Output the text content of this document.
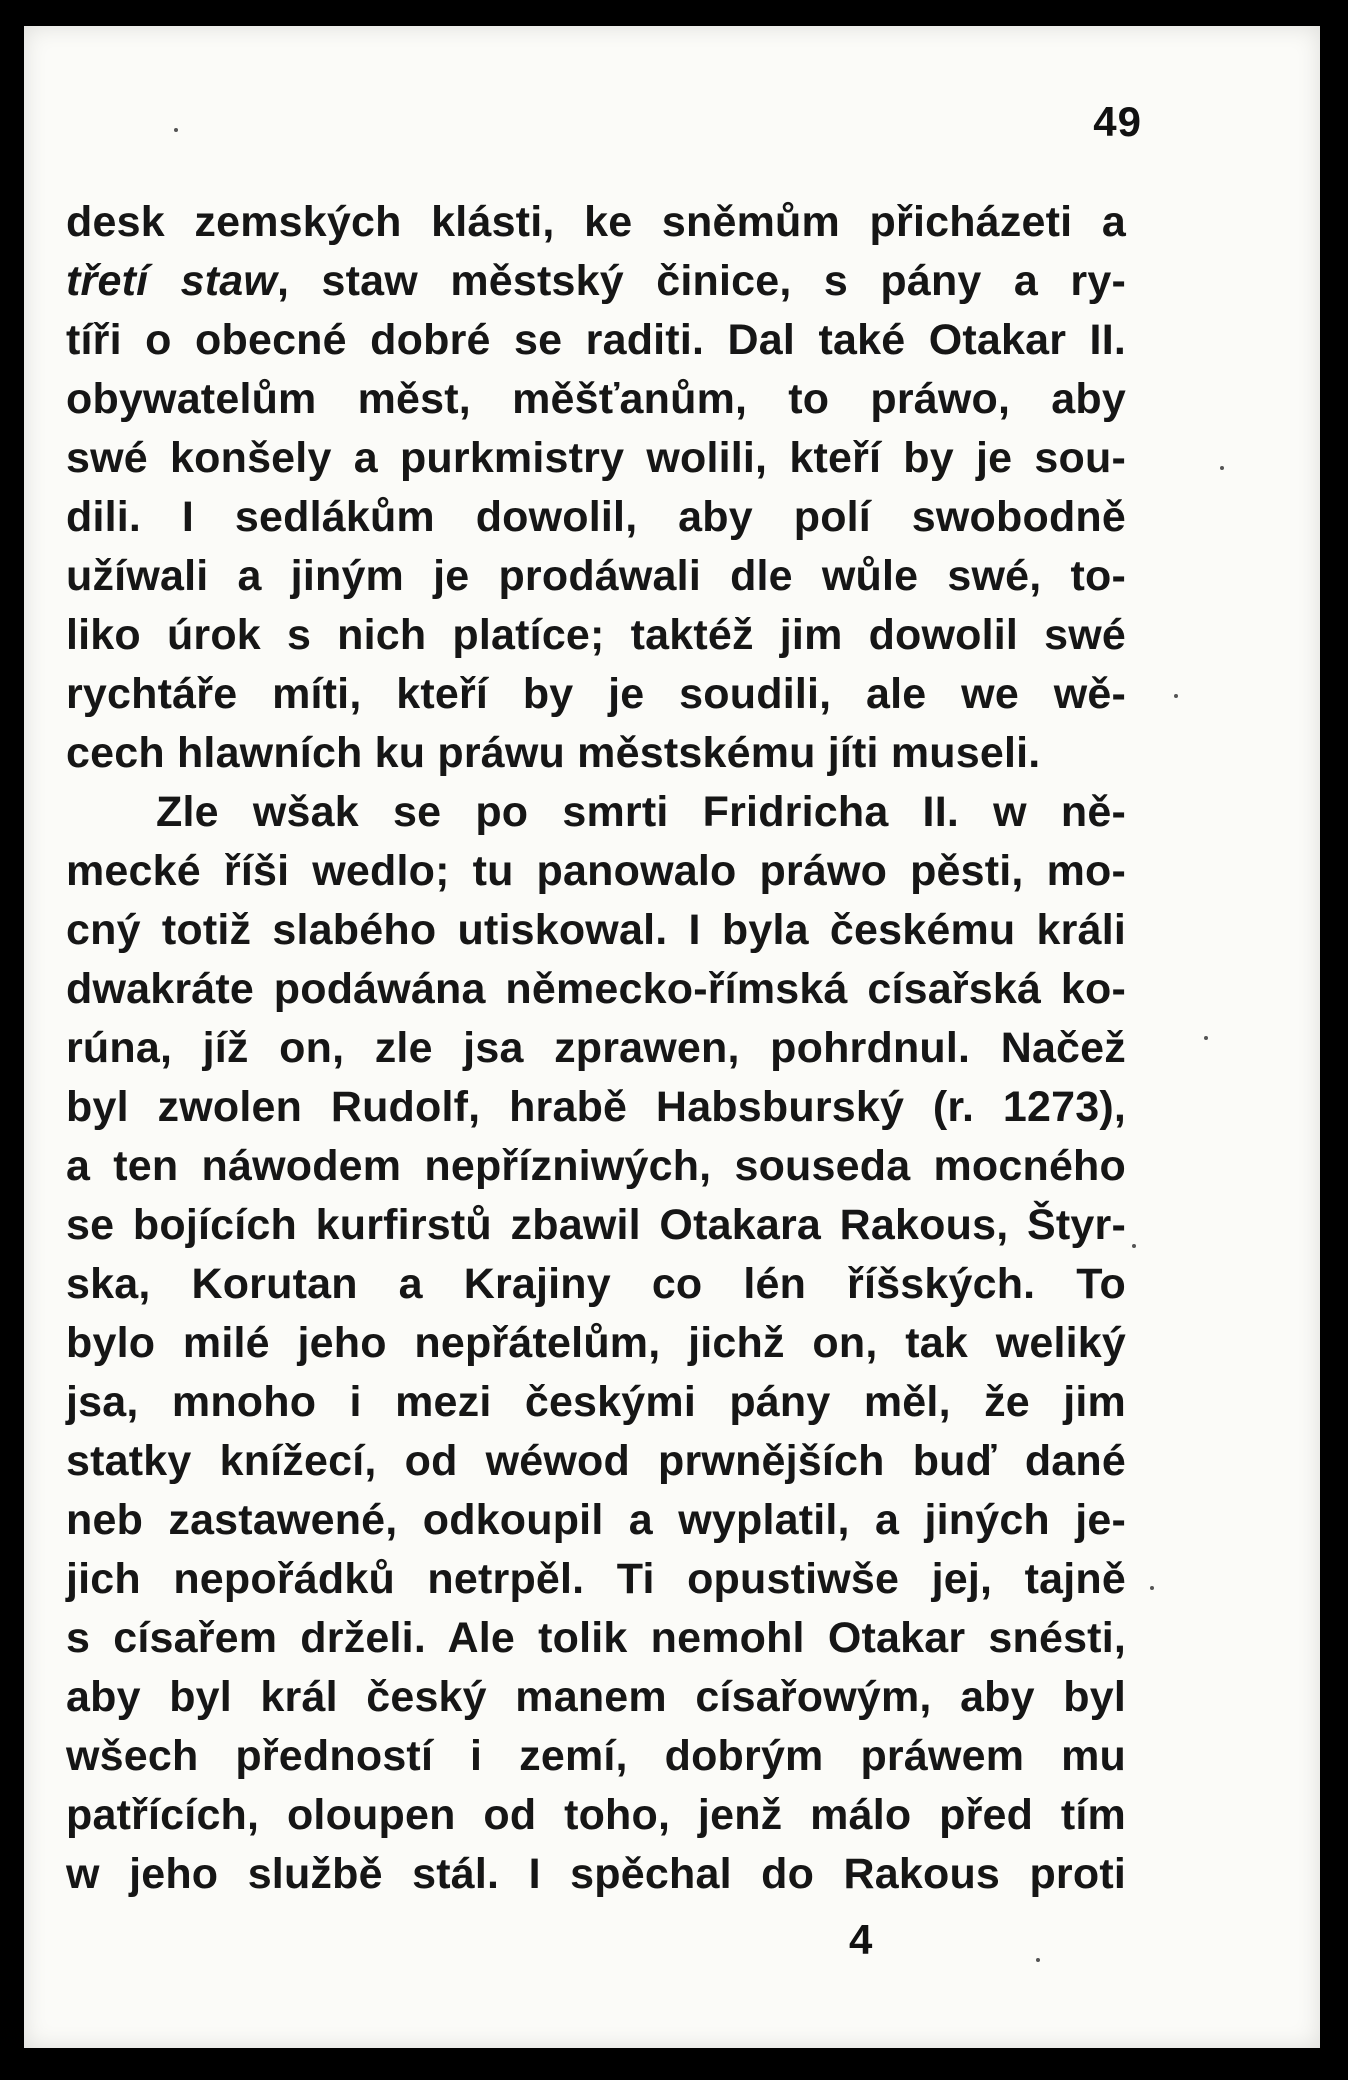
49
desk zemských klásti, ke sněmům přicházeti a
třetí staw, staw městský činice, s pány a ry-
tíři o obecné dobré se raditi. Dal také Otakar II.
obywatelům měst, měšťanům, to práwo, aby
swé konšely a purkmistry wolili, kteří by je sou-
dili. I sedlákům dowolil, aby polí swobodně
užíwali a jiným je prodáwali dle wůle swé, to-
liko úrok s nich platíce; taktéž jim dowolil swé
rychtáře míti, kteří by je soudili, ale we wě-
cech hlawních ku práwu městskému jíti museli.
Zle wšak se po smrti Fridricha II. w ně-
mecké říši wedlo; tu panowalo práwo pěsti, mo-
cný totiž slabého utiskowal. I byla českému králi
dwakráte podáwána německo-římská císařská ko-
rúna, jíž on, zle jsa zprawen, pohrdnul. Načež
byl zwolen Rudolf, hrabě Habsburský (r. 1273),
a ten náwodem nepřízniwých, souseda mocného
se bojících kurfirstů zbawil Otakara Rakous, Štyr-
ska, Korutan a Krajiny co lén říšských. To
bylo milé jeho nepřátelům, jichž on, tak weliký
jsa, mnoho i mezi českými pány měl, že jim
statky knížecí, od wéwod prwnějších buď dané
neb zastawené, odkoupil a wyplatil, a jiných je-
jich nepořádků netrpěl. Ti opustiwše jej, tajně
s císařem drželi. Ale tolik nemohl Otakar snésti,
aby byl král český manem císařowým, aby byl
wšech předností i zemí, dobrým práwem mu
patřících, oloupen od toho, jenž málo před tím
w jeho službě stál. I spěchal do Rakous proti
4
